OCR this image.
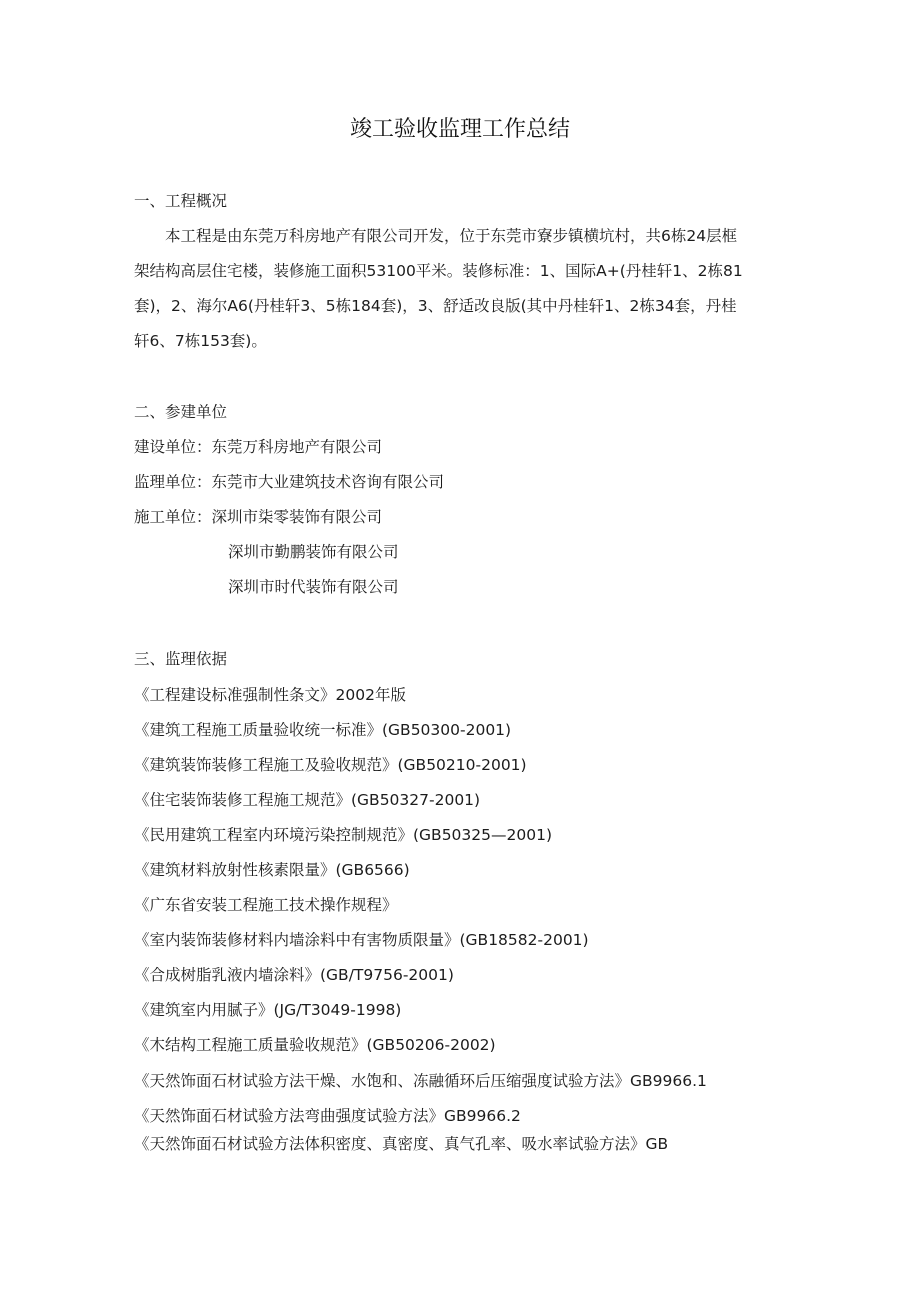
竣工验收监理工作总结
一、工程概况
　　本工程是由东莞万科房地产有限公司开发，位于东莞市寮步镇横坑村，共6栋24层框
架结构高层住宅楼，装修施工面积53100平米。装修标准：1、国际A+(丹桂轩1、2栋81
套)，2、海尔A6(丹桂轩3、5栋184套)，3、舒适改良版(其中丹桂轩1、2栋34套，丹桂
轩6、7栋153套)。
二、参建单位
建设单位：东莞万科房地产有限公司
监理单位：东莞市大业建筑技术咨询有限公司
施工单位：深圳市柒零装饰有限公司
深圳市勤鹏装饰有限公司
深圳市时代装饰有限公司
三、监理依据
《工程建设标准强制性条文》2002年版
《建筑工程施工质量验收统一标准》(GB50300-2001)
《建筑装饰装修工程施工及验收规范》(GB50210-2001)
《住宅装饰装修工程施工规范》(GB50327-2001)
《民用建筑工程室内环境污染控制规范》(GB50325—2001)
《建筑材料放射性核素限量》(GB6566)
《广东省安装工程施工技术操作规程》
《室内装饰装修材料内墙涂料中有害物质限量》(GB18582-2001)
《合成树脂乳液内墙涂料》(GB/T9756-2001)
《建筑室内用腻子》(JG/T3049-1998)
《木结构工程施工质量验收规范》(GB50206-2002)
《天然饰面石材试验方法干燥、水饱和、冻融循环后压缩强度试验方法》GB9966.1
《天然饰面石材试验方法弯曲强度试验方法》GB9966.2
《天然饰面石材试验方法体积密度、真密度、真气孔率、吸水率试验方法》GB
